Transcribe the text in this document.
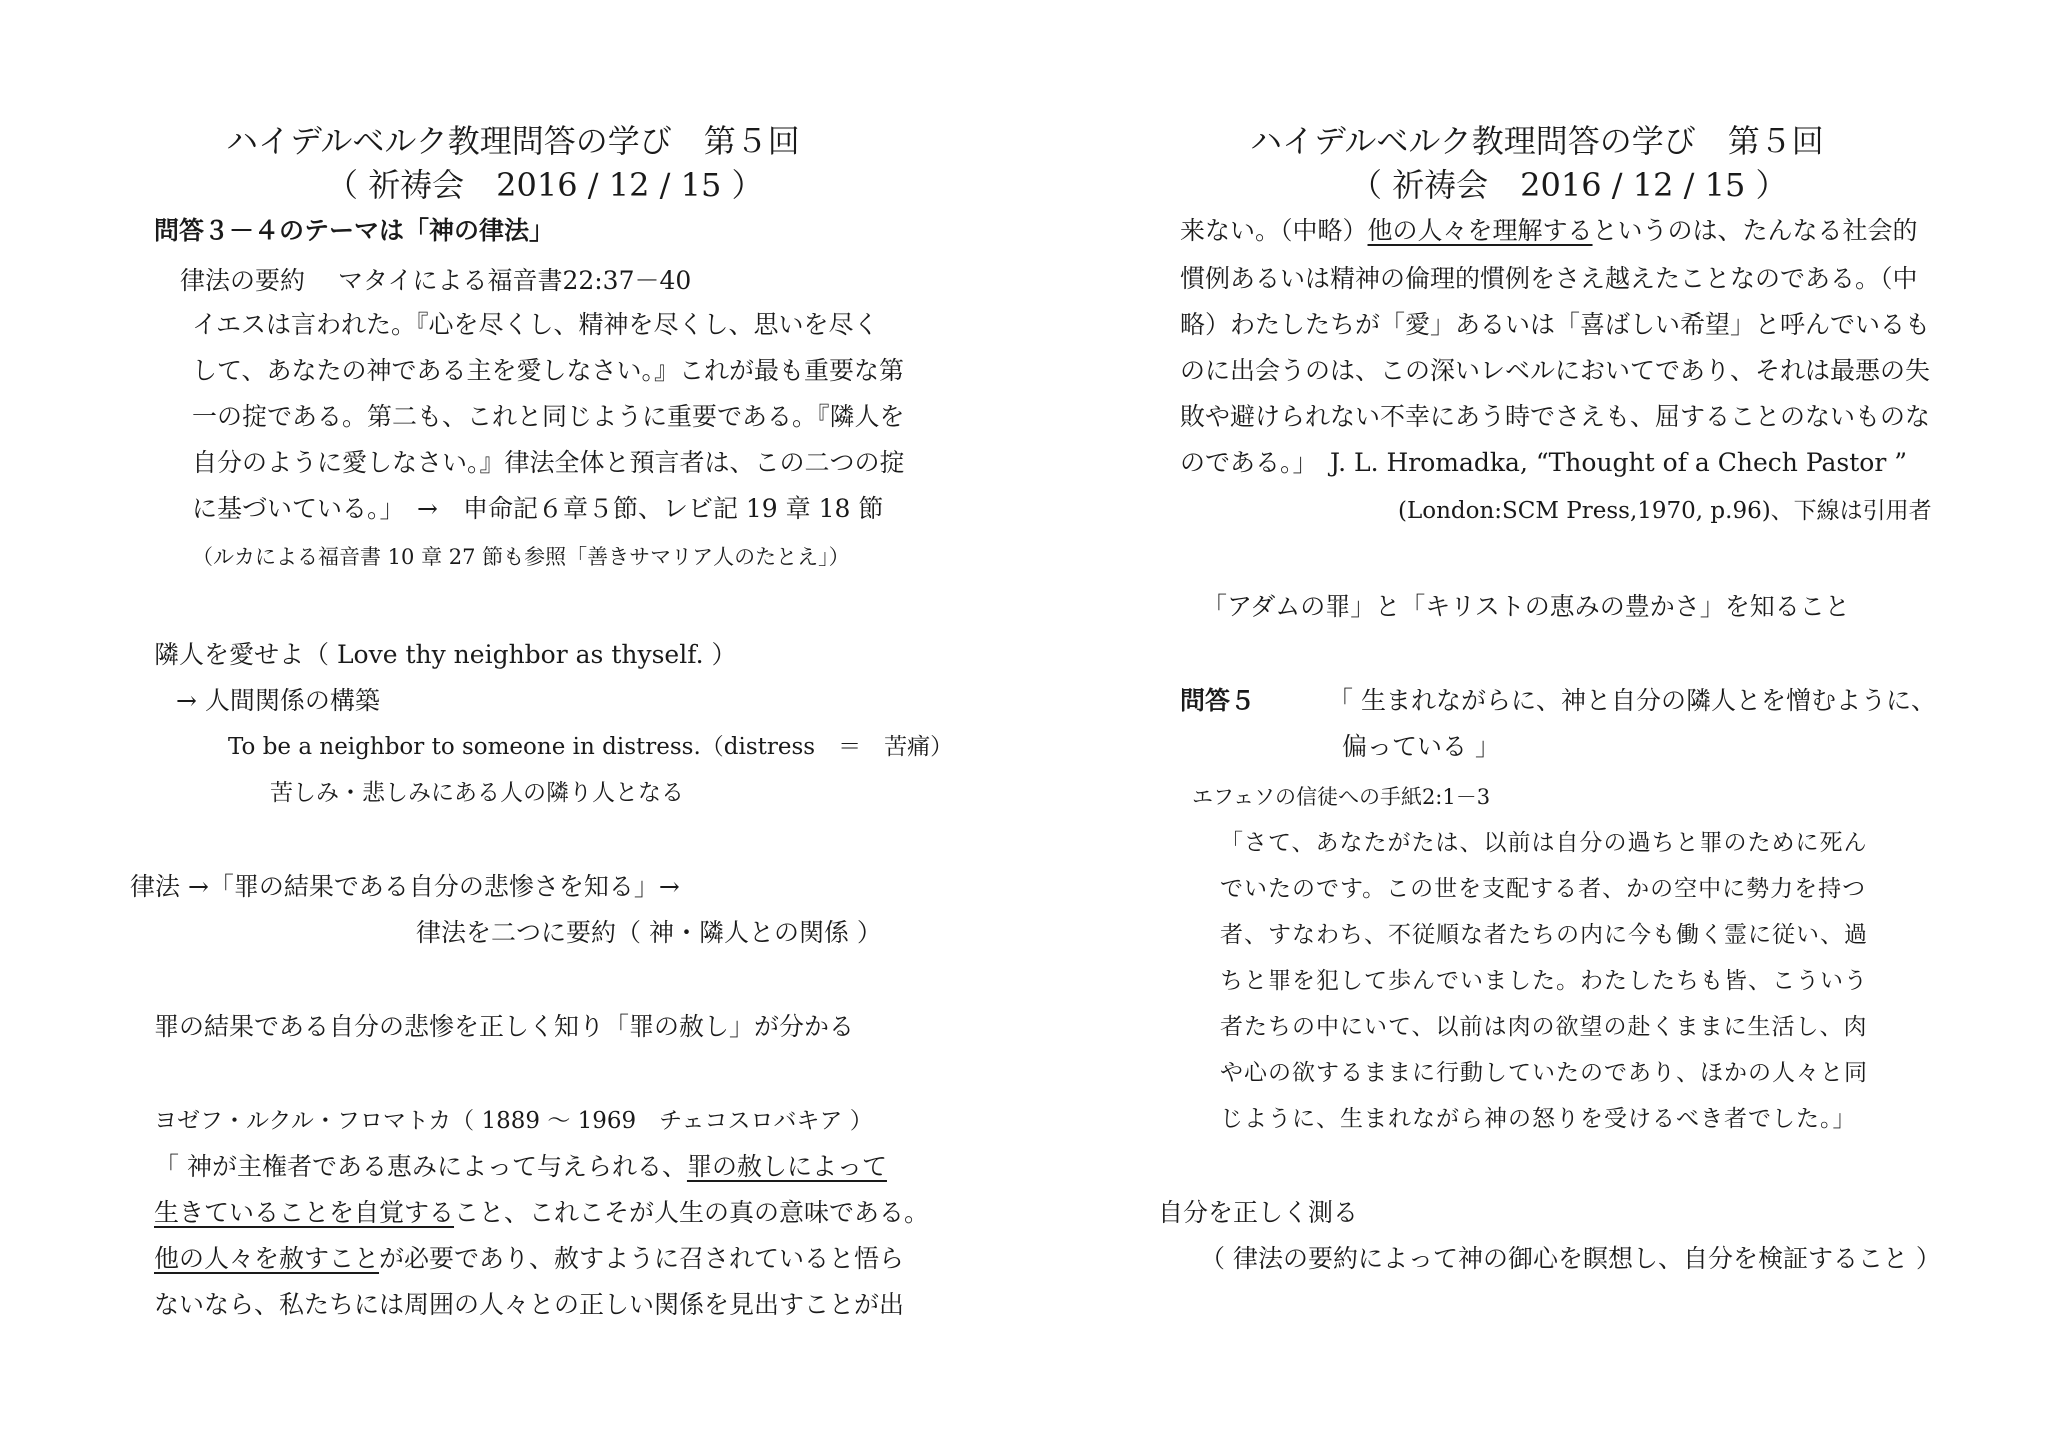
ハイデルベルク教理問答の学び　第５回
（ 祈祷会　2016 / 12 / 15 ）
問答３－４のテーマは「神の律法」
律法の要約　 マタイによる福音書22:37－40
イエスは言われた。『心を尽くし、精神を尽くし、思いを尽く
して、あなたの神である主を愛しなさい。』これが最も重要な第
一の掟である。第二も、これと同じように重要である。『隣人を
自分のように愛しなさい。』律法全体と預言者は、この二つの掟
に基づいている。」　→　申命記６章５節、レビ記 19 章 18 節
（ルカによる福音書 10 章 27 節も参照「善きサマリア人のたとえ」）
隣人を愛せよ（ Love thy neighbor as thyself. ）
→ 人間関係の構築
To be a neighbor to someone in distress.（distress　＝　苦痛）
苦しみ・悲しみにある人の隣り人となる
律法 →「罪の結果である自分の悲惨さを知る」→
律法を二つに要約（ 神・隣人との関係 ）
罪の結果である自分の悲惨を正しく知り「罪の赦し」が分かる
ヨゼフ・ルクル・フロマトカ（ 1889 ～ 1969　チェコスロバキア ）
「 神が主権者である恵みによって与えられる、罪の赦しによって
生きていることを自覚すること、これこそが人生の真の意味である。
他の人々を赦すことが必要であり、赦すように召されていると悟ら
ないなら、私たちには周囲の人々との正しい関係を見出すことが出
ハイデルベルク教理問答の学び　第５回
（ 祈祷会　2016 / 12 / 15 ）
来ない。（中略）他の人々を理解するというのは、たんなる社会的
慣例あるいは精神の倫理的慣例をさえ越えたことなのである。（中
略）わたしたちが「愛」あるいは「喜ばしい希望」と呼んでいるも
のに出会うのは、この深いレベルにおいてであり、それは最悪の失
敗や避けられない不幸にあう時でさえも、屈することのないものな
のである。」　J. L. Hromadka, “Thought of a Chech Pastor ”
(London:SCM Press,1970, p.96)、下線は引用者
「アダムの罪」と「キリストの恵みの豊かさ」を知ること
問答５	「 生まれながらに、神と自分の隣人とを憎むように、
偏っている 」
エフェソの信徒への手紙2:1－3
「さて、あなたがたは、以前は自分の過ちと罪のために死ん
でいたのです。この世を支配する者、かの空中に勢力を持つ
者、すなわち、不従順な者たちの内に今も働く霊に従い、過
ちと罪を犯して歩んでいました。わたしたちも皆、こういう
者たちの中にいて、以前は肉の欲望の赴くままに生活し、肉
や心の欲するままに行動していたのであり、ほかの人々と同
じように、生まれながら神の怒りを受けるべき者でした。」
自分を正しく測る
（ 律法の要約によって神の御心を瞑想し、自分を検証すること ）
